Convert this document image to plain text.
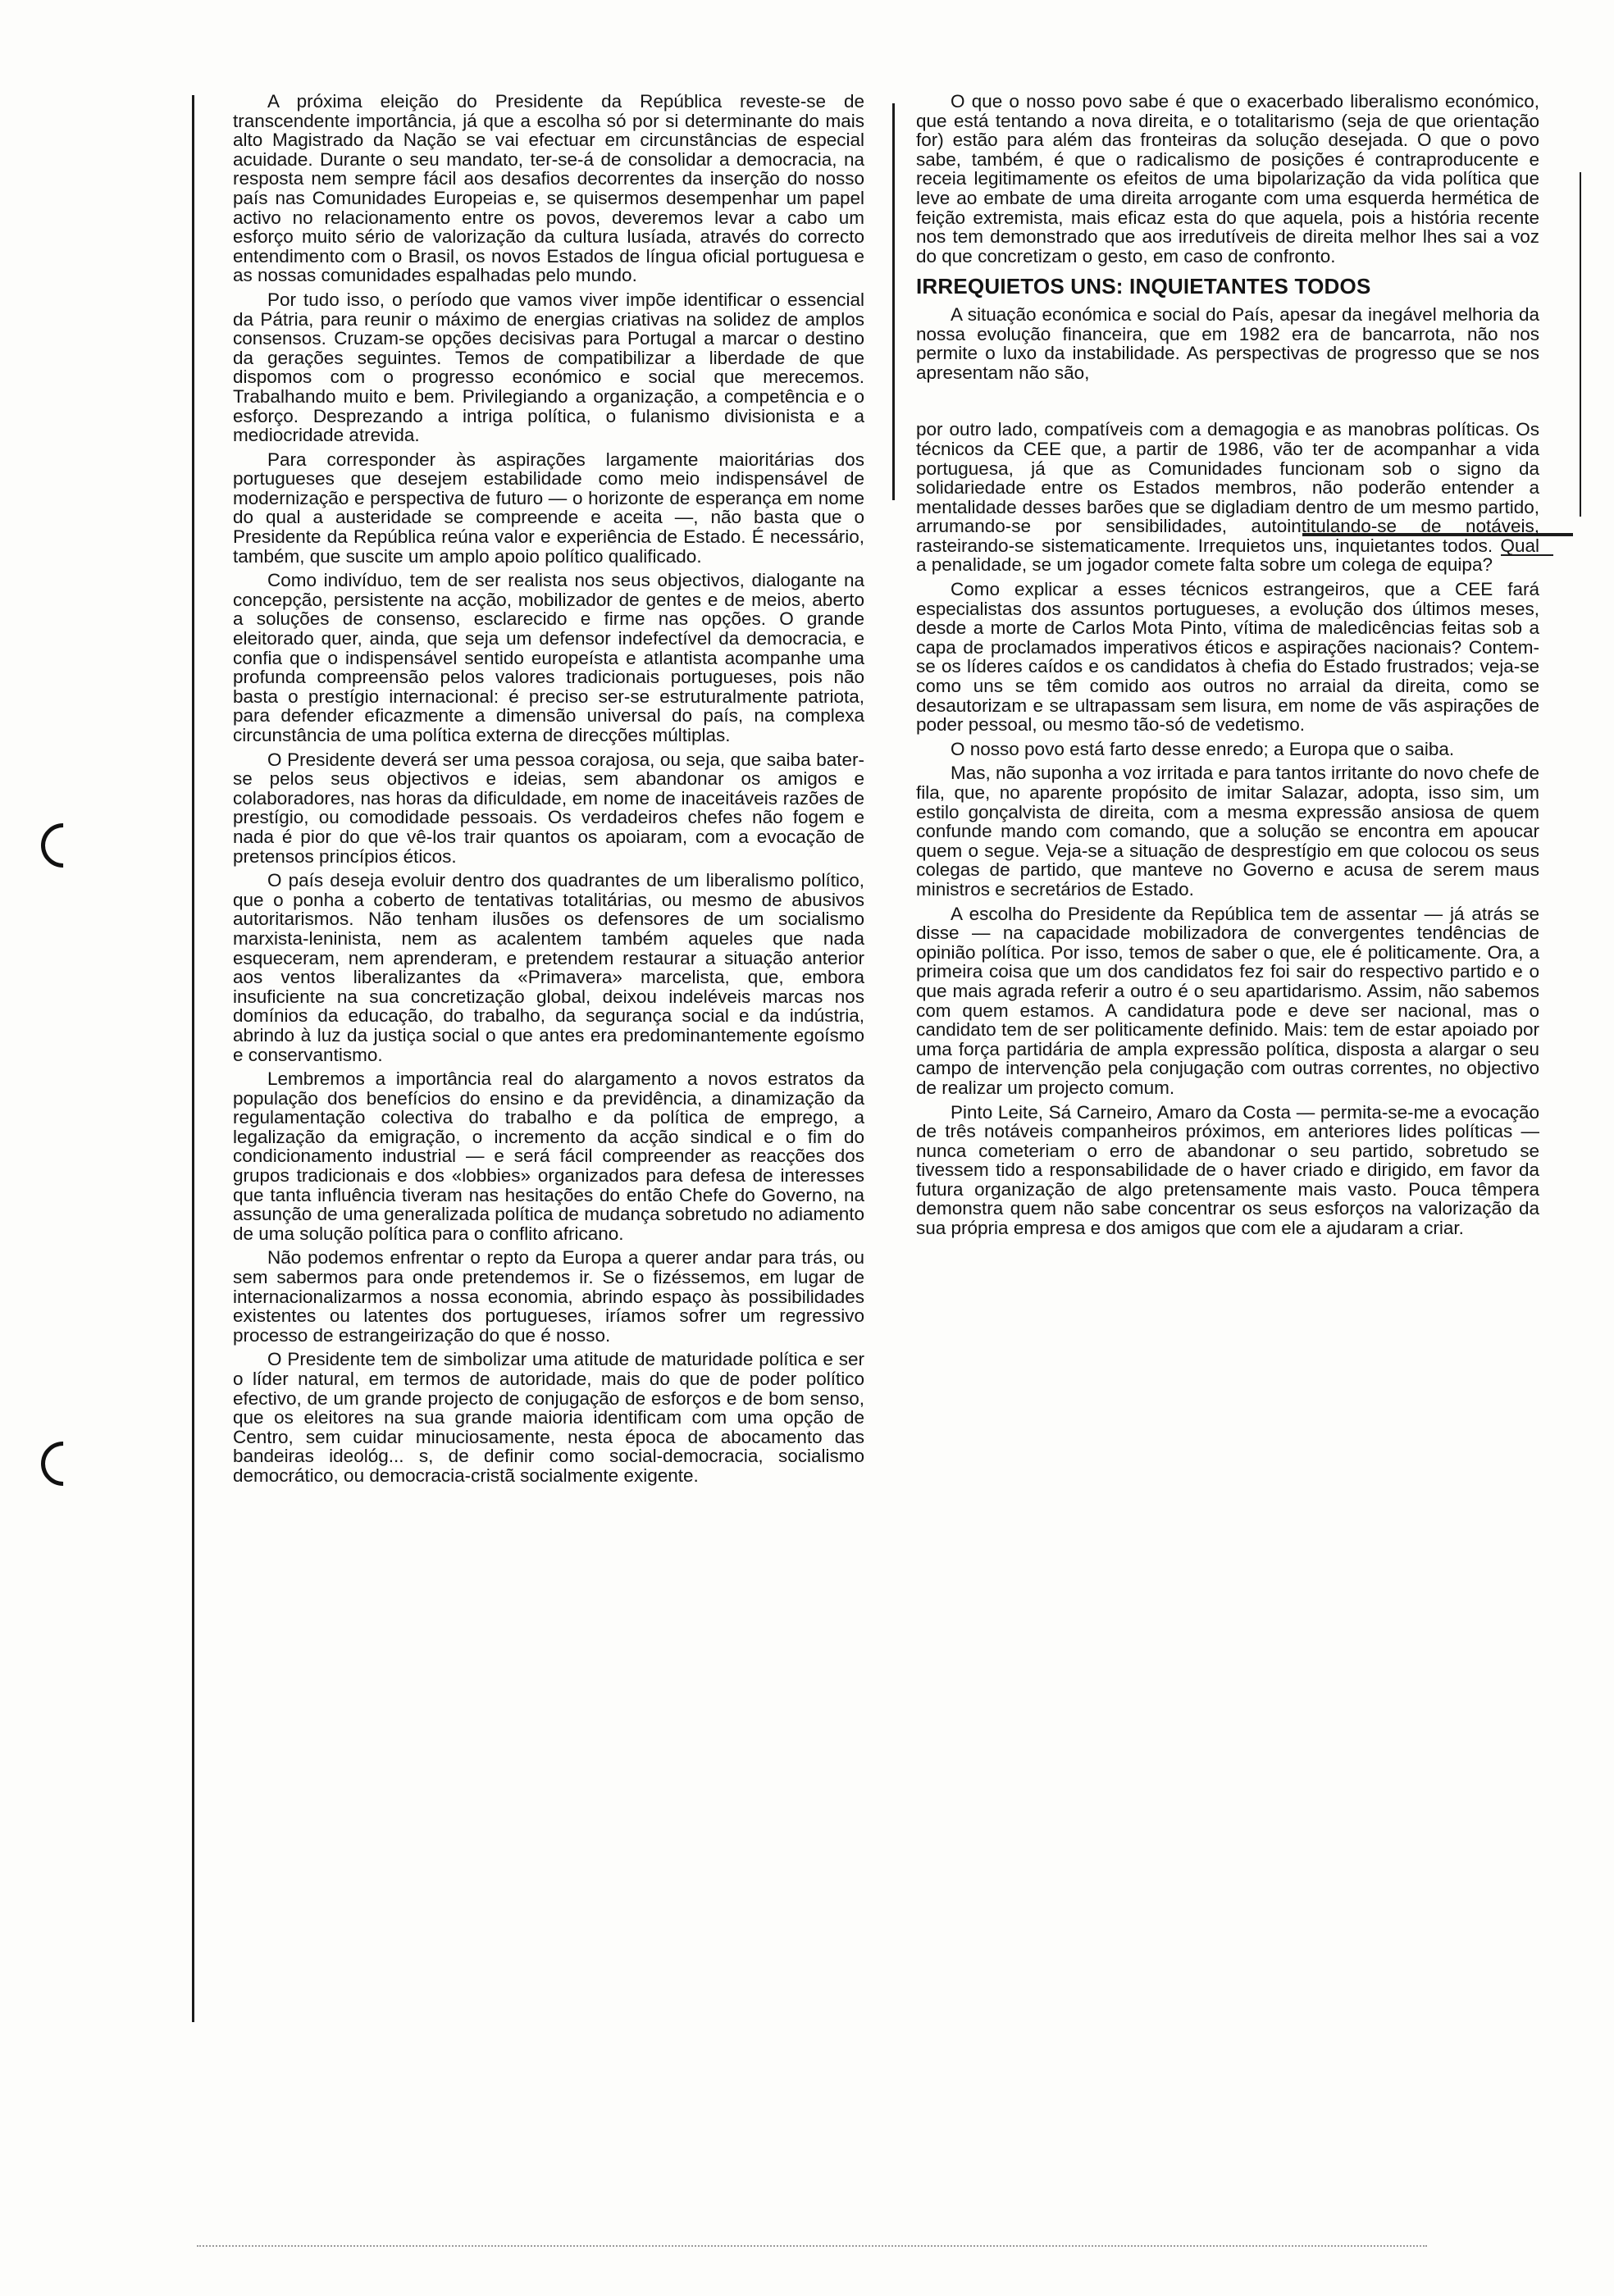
A próxima eleição do Presidente da República reveste-se de transcendente importância, já que a escolha só por si determinante do mais alto Magistrado da Nação se vai efectuar em circunstâncias de especial acuidade. Durante o seu mandato, ter-se-á de consolidar a democracia, na resposta nem sempre fácil aos desafios decorrentes da inserção do nosso país nas Comunidades Europeias e, se quisermos desempenhar um papel activo no relacionamento entre os povos, deveremos levar a cabo um esforço muito sério de valorização da cultura lusíada, através do correcto entendimento com o Brasil, os novos Estados de língua oficial portuguesa e as nossas comunidades espalhadas pelo mundo.

Por tudo isso, o período que vamos viver impõe identificar o essencial da Pátria, para reunir o máximo de energias criativas na solidez de amplos consensos. Cruzam-se opções decisivas para Portugal a marcar o destino da gerações seguintes. Temos de compatibilizar a liberdade de que dispomos com o progresso económico e social que merecemos. Trabalhando muito e bem. Privilegiando a organização, a competência e o esforço. Desprezando a intriga política, o fulanismo divisionista e a mediocridade atrevida.

Para corresponder às aspirações largamente maioritárias dos portugueses que desejem estabilidade como meio indispensável de modernização e perspectiva de futuro — o horizonte de esperança em nome do qual a austeridade se compreende e aceita —, não basta que o Presidente da República reúna valor e experiência de Estado. É necessário, também, que suscite um amplo apoio político qualificado.

Como indivíduo, tem de ser realista nos seus objectivos, dialogante na concepção, persistente na acção, mobilizador de gentes e de meios, aberto a soluções de consenso, esclarecido e firme nas opções. O grande eleitorado quer, ainda, que seja um defensor indefectível da democracia, e confia que o indispensável sentido europeísta e atlantista acompanhe uma profunda compreensão pelos valores tradicionais portugueses, pois não basta o prestígio internacional: é preciso ser-se estruturalmente patriota, para defender eficazmente a dimensão universal do país, na complexa circunstância de uma política externa de direcções múltiplas.

O Presidente deverá ser uma pessoa corajosa, ou seja, que saiba bater-se pelos seus objectivos e ideias, sem abandonar os amigos e colaboradores, nas horas da dificuldade, em nome de inaceitáveis razões de prestígio, ou comodidade pessoais. Os verdadeiros chefes não fogem e nada é pior do que vê-los trair quantos os apoiaram, com a evocação de pretensos princípios éticos.

O país deseja evoluir dentro dos quadrantes de um liberalismo político, que o ponha a coberto de tentativas totalitárias, ou mesmo de abusivos autoritarismos. Não tenham ilusões os defensores de um socialismo marxista-leninista, nem as acalentem também aqueles que nada esqueceram, nem aprenderam, e pretendem restaurar a situação anterior aos ventos liberalizantes da «Primavera» marcelista, que, embora insuficiente na sua concretização global, deixou indeléveis marcas nos domínios da educação, do trabalho, da segurança social e da indústria, abrindo à luz da justiça social o que antes era predominantemente egoísmo e conservantismo.

Lembremos a importância real do alargamento a novos estratos da população dos benefícios do ensino e da previdência, a dinamização da regulamentação colectiva do trabalho e da política de emprego, a legalização da emigração, o incremento da acção sindical e o fim do condicionamento industrial — e será fácil compreender as reacções dos grupos tradicionais e dos «lobbies» organizados para defesa de interesses que tanta influência tiveram nas hesitações do então Chefe do Governo, na assunção de uma generalizada política de mudança sobretudo no adiamento de uma solução política para o conflito africano.

Não podemos enfrentar o repto da Europa a querer andar para trás, ou sem sabermos para onde pretendemos ir. Se o fizéssemos, em lugar de internacionalizarmos a nossa economia, abrindo espaço às possibilidades existentes ou latentes dos portugueses, iríamos sofrer um regressivo processo de estrangeirização do que é nosso.

O Presidente tem de simbolizar uma atitude de maturidade política e ser o líder natural, em termos de autoridade, mais do que de poder político efectivo, de um grande projecto de conjugação de esforços e de bom senso, que os eleitores na sua grande maioria identificam com uma opção de Centro, sem cuidar minuciosamente, nesta época de abocamento das bandeiras ideológ... s, de definir como social-democracia, socialismo democrático, ou democracia-cristã socialmente exigente.

O que o nosso povo sabe é que o exacerbado liberalismo económico, que está tentando a nova direita, e o totalitarismo (seja de que orientação for) estão para além das fronteiras da solução desejada. O que o povo sabe, também, é que o radicalismo de posições é contraproducente e receia legitimamente os efeitos de uma bipolarização da vida política que leve ao embate de uma direita arrogante com uma esquerda hermética de feição extremista, mais eficaz esta do que aquela, pois a história recente nos tem demonstrado que aos irredutíveis de direita melhor lhes sai a voz do que concretizam o gesto, em caso de confronto.

IRREQUIETOS UNS: INQUIETANTES TODOS

A situação económica e social do País, apesar da inegável melhoria da nossa evolução financeira, que em 1982 era de bancarrota, não nos permite o luxo da instabilidade. As perspectivas de progresso que se nos apresentam não são,

por outro lado, compatíveis com a demagogia e as manobras políticas. Os técnicos da CEE que, a partir de 1986, vão ter de acompanhar a vida portuguesa, já que as Comunidades funcionam sob o signo da solidariedade entre os Estados membros, não poderão entender a mentalidade desses barões que se digladiam dentro de um mesmo partido, arrumando-se por sensibilidades, autointitulando-se de notáveis, rasteirando-se sistematicamente. Irrequietos uns, inquietantes todos. Qual a penalidade, se um jogador comete falta sobre um colega de equipa?

Como explicar a esses técnicos estrangeiros, que a CEE fará especialistas dos assuntos portugueses, a evolução dos últimos meses, desde a morte de Carlos Mota Pinto, vítima de maledicências feitas sob a capa de proclamados imperativos éticos e aspirações nacionais? Contem-se os líderes caídos e os candidatos à chefia do Estado frustrados; veja-se como uns se têm comido aos outros no arraial da direita, como se desautorizam e se ultrapassam sem lisura, em nome de vãs aspirações de poder pessoal, ou mesmo tão-só de vedetismo.

O nosso povo está farto desse enredo; a Europa que o saiba.

Mas, não suponha a voz irritada e para tantos irritante do novo chefe de fila, que, no aparente propósito de imitar Salazar, adopta, isso sim, um estilo gonçalvista de direita, com a mesma expressão ansiosa de quem confunde mando com comando, que a solução se encontra em apoucar quem o segue. Veja-se a situação de desprestígio em que colocou os seus colegas de partido, que manteve no Governo e acusa de serem maus ministros e secretários de Estado.

A escolha do Presidente da República tem de assentar — já atrás se disse — na capacidade mobilizadora de convergentes tendências de opinião política. Por isso, temos de saber o que, ele é politicamente. Ora, a primeira coisa que um dos candidatos fez foi sair do respectivo partido e o que mais agrada referir a outro é o seu apartidarismo. Assim, não sabemos com quem estamos. A candidatura pode e deve ser nacional, mas o candidato tem de ser politicamente definido. Mais: tem de estar apoiado por uma força partidária de ampla expressão política, disposta a alargar o seu campo de intervenção pela conjugação com outras correntes, no objectivo de realizar um projecto comum.

Pinto Leite, Sá Carneiro, Amaro da Costa — permita-se-me a evocação de três notáveis companheiros próximos, em anteriores lides políticas — nunca cometeriam o erro de abandonar o seu partido, sobretudo se tivessem tido a responsabilidade de o haver criado e dirigido, em favor da futura organização de algo pretensamente mais vasto. Pouca têmpera demonstra quem não sabe concentrar os seus esforços na valorização da sua própria empresa e dos amigos que com ele a ajudaram a criar.
